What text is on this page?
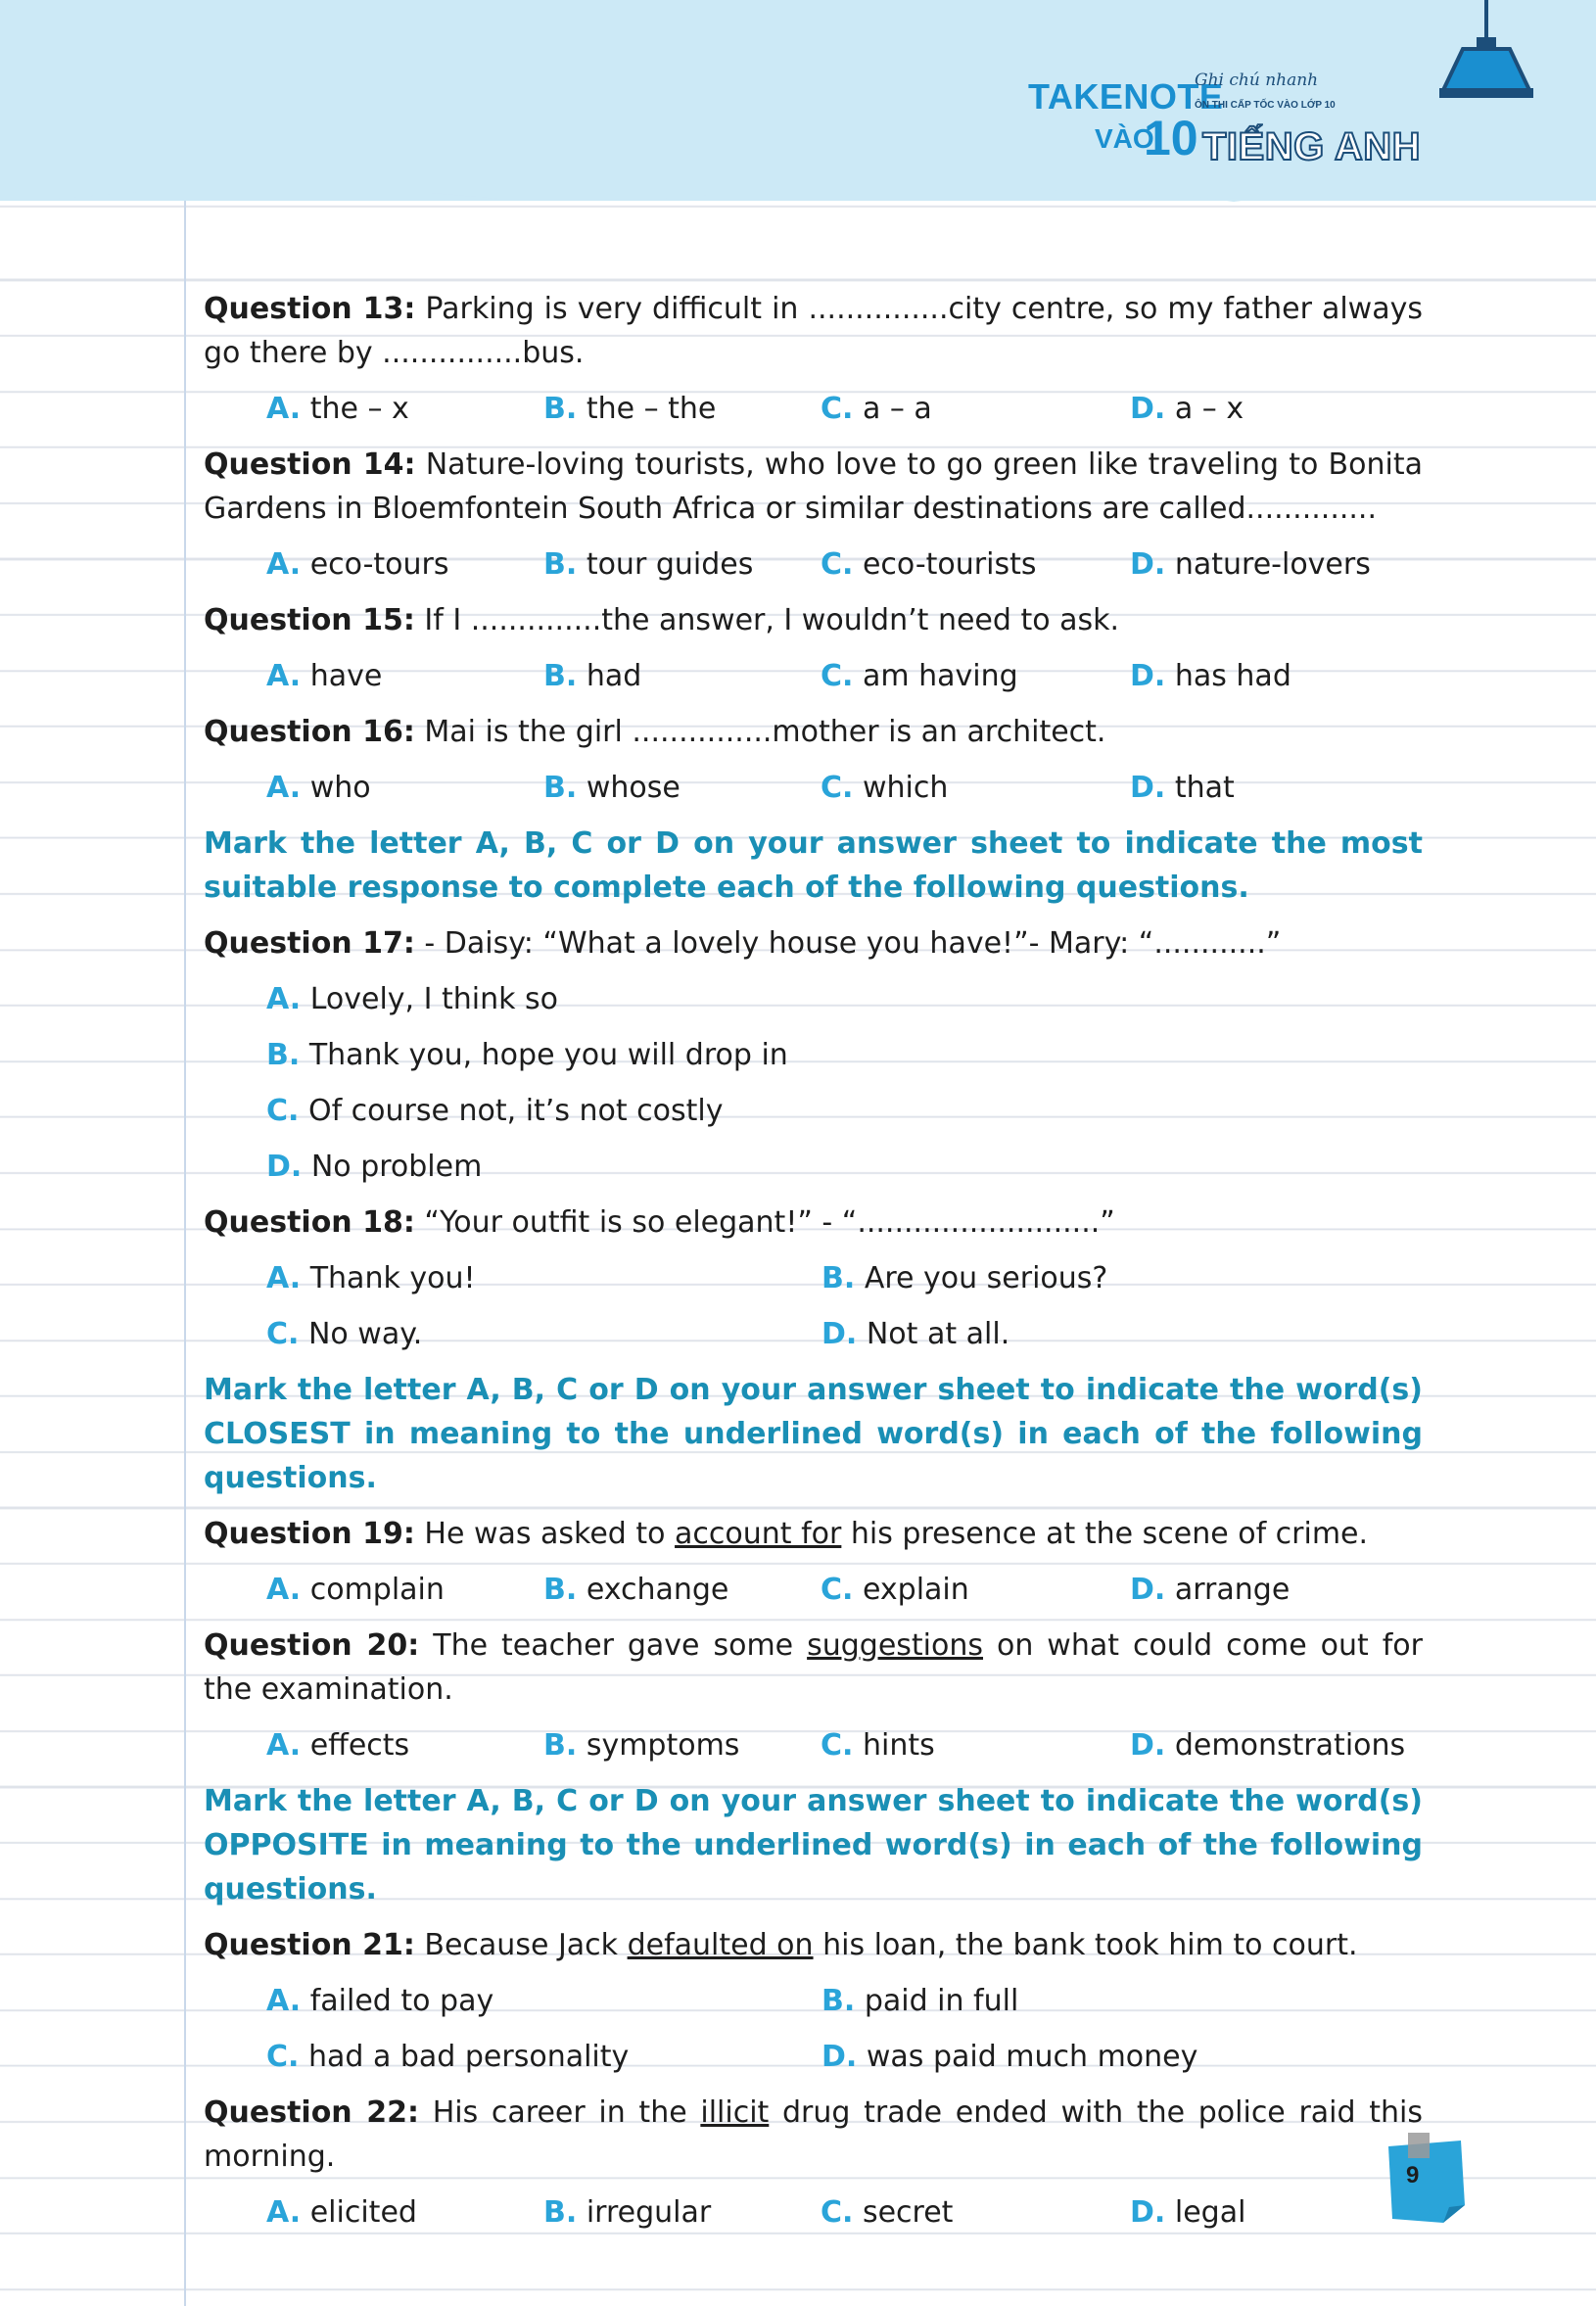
TAKENOTE
Ghi chú nhanh
ÔN THI CẤP TỐC VÀO LỚP 10
VÀO
10 TIẾNG ANH

Question 13: Parking is very difficult in ...............city centre, so my father always go there by ...............bus.

A. the – x	B. the – the	C. a – a	D. a – x

Question 14: Nature-loving tourists, who love to go green like traveling to Bonita Gardens in Bloemfontein South Africa or similar destinations are called..............

A. eco-tours	B. tour guides	C. eco-tourists	D. nature-lovers

Question 15: If I ..............the answer, I wouldn’t need to ask.

A. have	B. had	C. am having	D. has had

Question 16: Mai is the girl ...............mother is an architect.

A. who	B. whose	C. which	D. that

Mark the letter A, B, C or D on your answer sheet to indicate the most suitable response to complete each of the following questions.

Question 17: - Daisy: “What a lovely house you have!”- Mary: “............”

A. Lovely, I think so
B. Thank you, hope you will drop in
C. Of course not, it’s not costly
D. No problem

Question 18: “Your outfit is so elegant!” - “..........................”

A. Thank you!	B. Are you serious?
C. No way.	D. Not at all.

Mark the letter A, B, C or D on your answer sheet to indicate the word(s) CLOSEST in meaning to the underlined word(s) in each of the following questions.

Question 19: He was asked to account for his presence at the scene of crime.

A. complain	B. exchange	C. explain	D. arrange

Question 20: The teacher gave some suggestions on what could come out for the examination.

A. effects	B. symptoms	C. hints	D. demonstrations

Mark the letter A, B, C or D on your answer sheet to indicate the word(s) OPPOSITE in meaning to the underlined word(s) in each of the following questions.

Question 21: Because Jack defaulted on his loan, the bank took him to court.

A. failed to pay	B. paid in full
C. had a bad personality	D. was paid much money

Question 22: His career in the illicit drug trade ended with the police raid this morning.

A. elicited	B. irregular	C. secret	D. legal
9
